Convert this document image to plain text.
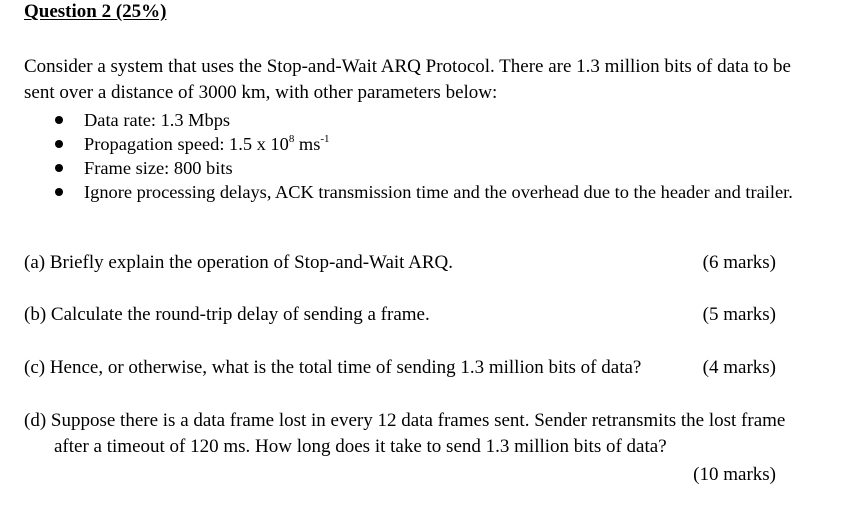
Question 2 (25%)
Consider a system that uses the Stop-and-Wait ARQ Protocol. There are 1.3 million bits of data to be sent over a distance of 3000 km, with other parameters below:
Data rate: 1.3 Mbps
Propagation speed: 1.5 x $10^8$ $ms^{-1}$
Frame size: 800 bits
Ignore processing delays, ACK transmission time and the overhead due to the header and trailer.
(a) Briefly explain the operation of Stop-and-Wait ARQ.	(6 marks)
(b) Calculate the round-trip delay of sending a frame.	(5 marks)
(c) Hence, or otherwise, what is the total time of sending 1.3 million bits of data?	(4 marks)
(d) Suppose there is a data frame lost in every 12 data frames sent. Sender retransmits the lost frame after a timeout of 120 ms. How long does it take to send 1.3 million bits of data?
(10 marks)
